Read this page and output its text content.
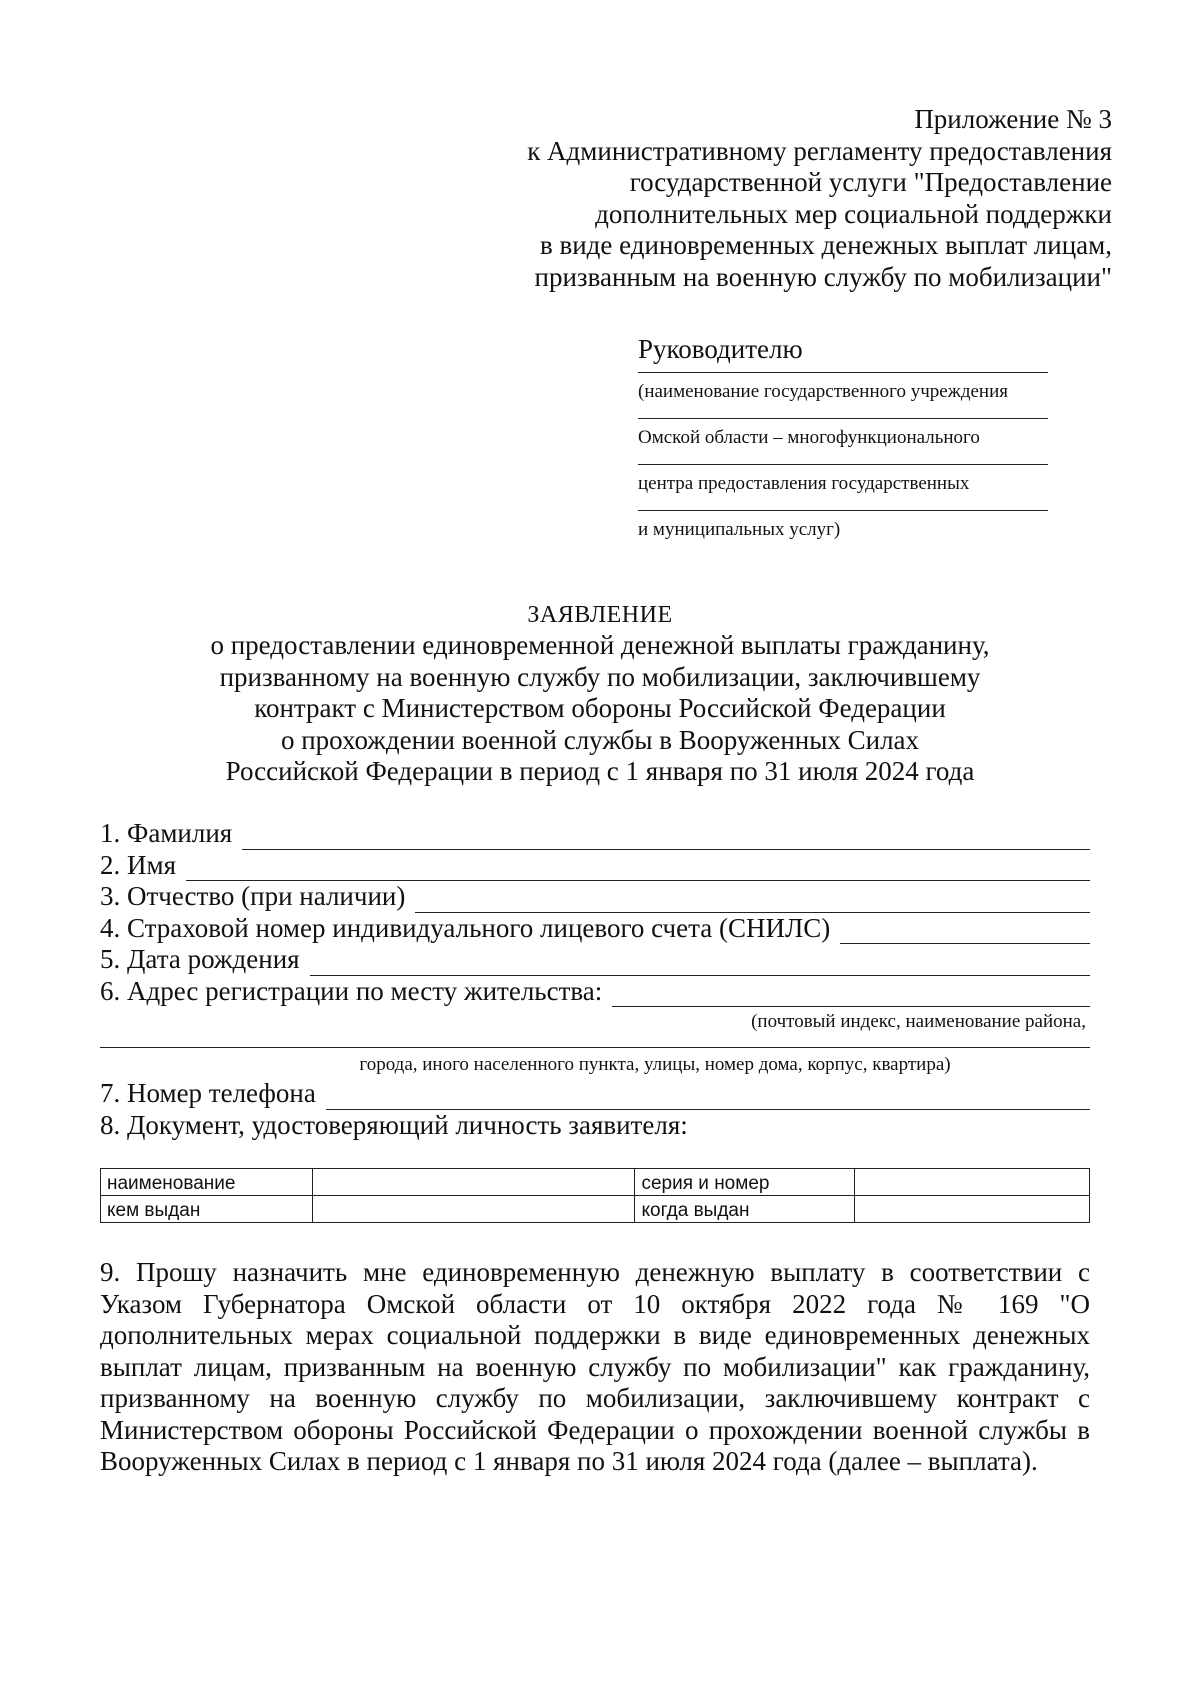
Приложение № 3
к Административному регламенту предоставления
государственной услуги "Предоставление
дополнительных мер социальной поддержки
в виде единовременных денежных выплат лицам,
призванным на военную службу по мобилизации"
Руководителю
(наименование государственного учреждения
Омской области – многофункционального
центра предоставления государственных
и муниципальных услуг)
ЗАЯВЛЕНИЕ
о предоставлении единовременной денежной выплаты гражданину,
призванному на военную службу по мобилизации, заключившему
контракт с Министерством обороны Российской Федерации
о прохождении военной службы в Вооруженных Силах
Российской Федерации в период с 1 января по 31 июля 2024 года
1. Фамилия
2. Имя
3. Отчество (при наличии)
4. Страховой номер индивидуального лицевого счета (СНИЛС)
5. Дата рождения
6. Адрес регистрации по месту жительства:
(почтовый индекс, наименование района,
города, иного населенного пункта, улицы, номер дома, корпус, квартира)
7. Номер телефона
8. Документ, удостоверяющий личность заявителя:
наименование		серия и номер	
кем выдан		когда выдан	
9. Прошу назначить мне единовременную денежную выплату в соответствии с Указом Губернатора Омской области от 10 октября 2022 года № 169 "О дополнительных мерах социальной поддержки в виде единовременных денежных выплат лицам, призванным на военную службу по мобилизации" как гражданину, призванному на военную службу по мобилизации, заключившему контракт с Министерством обороны Российской Федерации о прохождении военной службы в Вооруженных Силах в период с 1 января по 31 июля 2024 года (далее – выплата).
